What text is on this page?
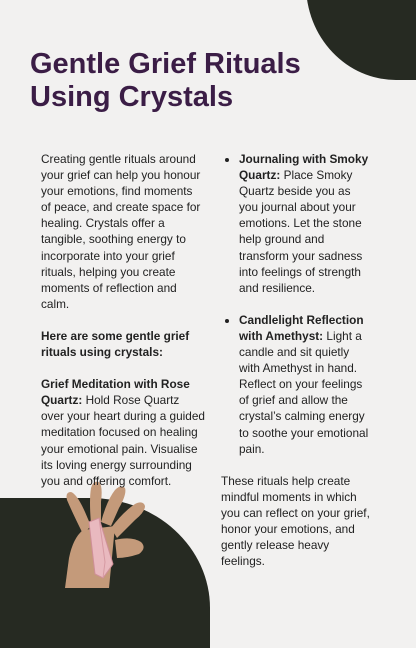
Gentle Grief Rituals Using Crystals

Creating gentle rituals around your grief can help you honour your emotions, find moments of peace, and create space for healing. Crystals offer a tangible, soothing energy to incorporate into your grief rituals, helping you create moments of reflection and calm.

Here are some gentle grief rituals using crystals:

Grief Meditation with Rose Quartz: Hold Rose Quartz over your heart during a guided meditation focused on healing your emotional pain. Visualise its loving energy surrounding you and offering comfort.

• Journaling with Smoky Quartz: Place Smoky Quartz beside you as you journal about your emotions. Let the stone help ground and transform your sadness into feelings of strength and resilience.
• Candlelight Reflection with Amethyst: Light a candle and sit quietly with Amethyst in hand. Reflect on your feelings of grief and allow the crystal’s calming energy to soothe your emotional pain.

These rituals help create mindful moments in which you can reflect on your grief, honor your emotions, and gently release heavy feelings.
